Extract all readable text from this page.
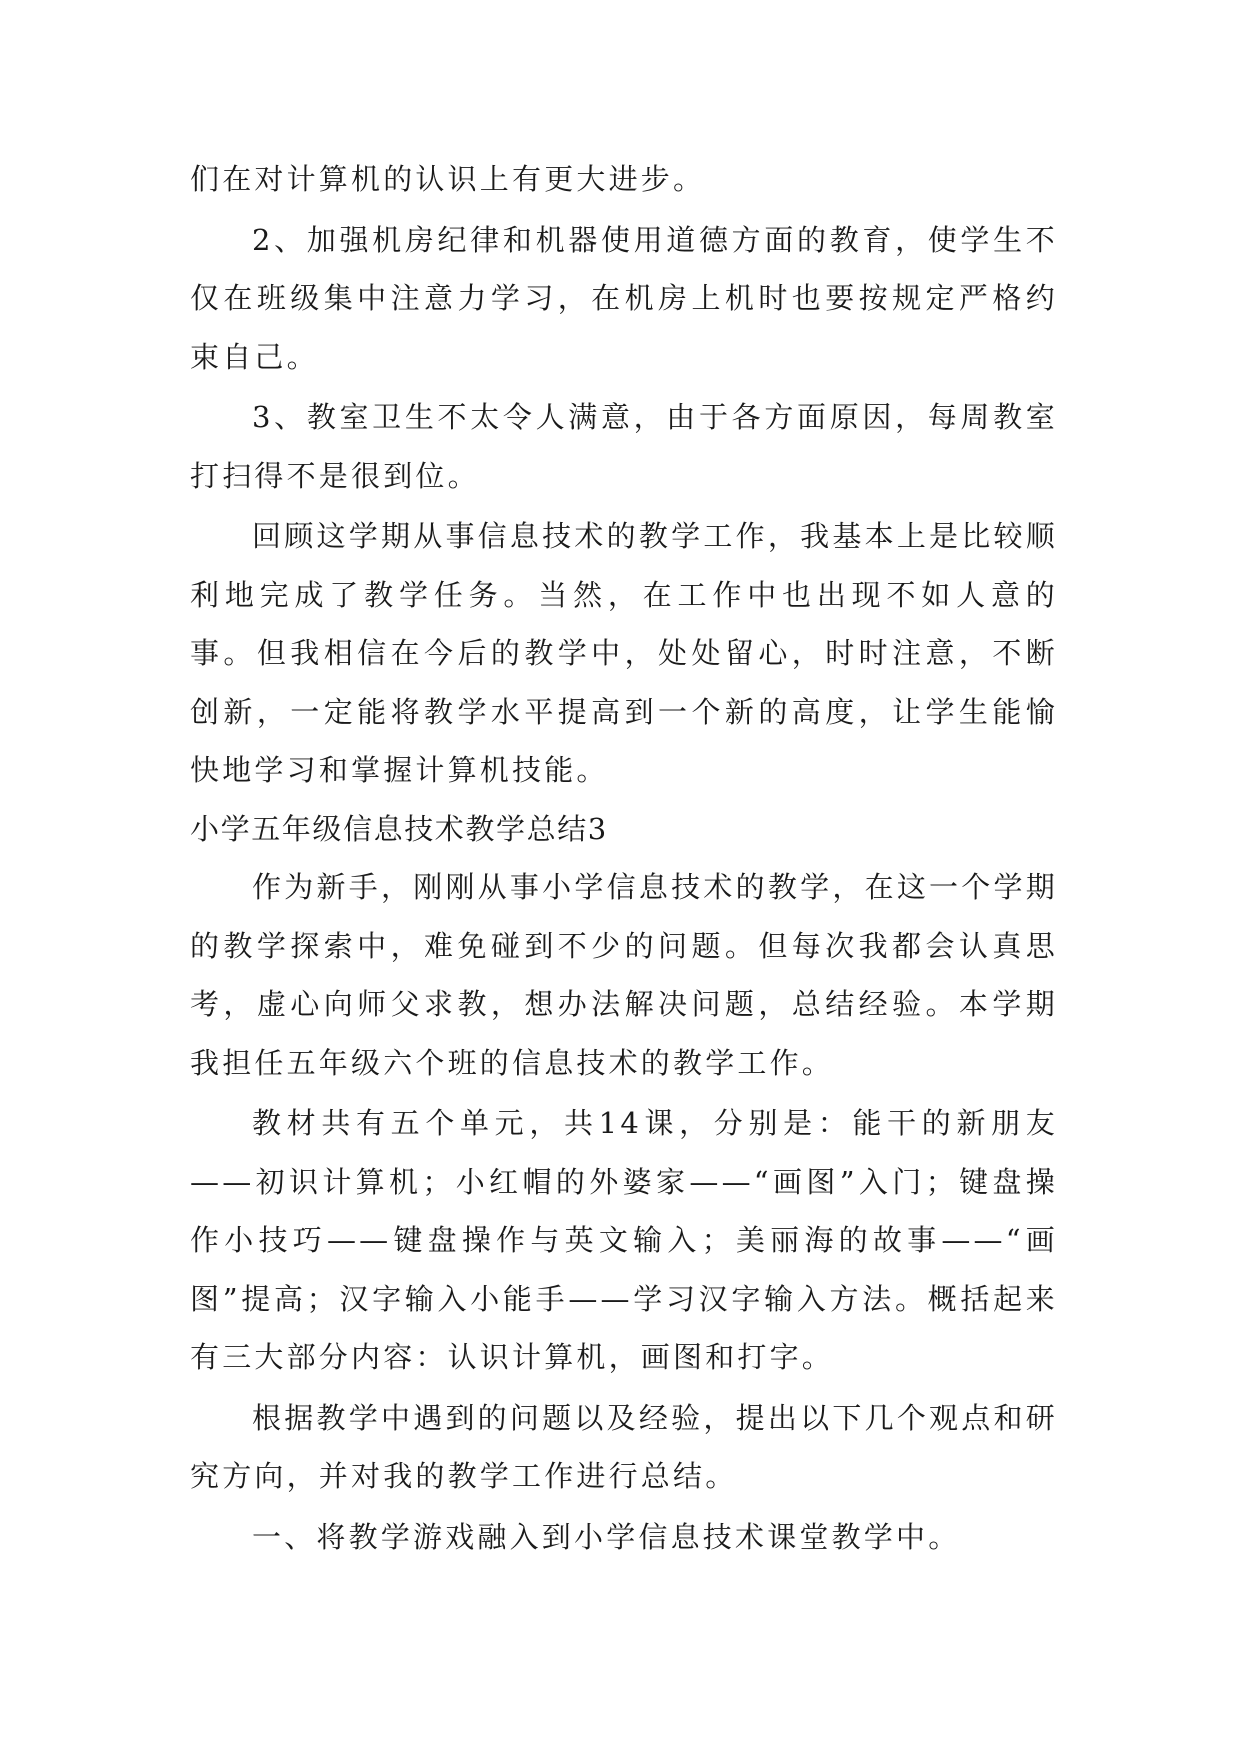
们在对计算机的认识上有更大进步。

2、加强机房纪律和机器使用道德方面的教育，使学生不仅在班级集中注意力学习，在机房上机时也要按规定严格约束自己。

3、教室卫生不太令人满意，由于各方面原因，每周教室打扫得不是很到位。

回顾这学期从事信息技术的教学工作，我基本上是比较顺利地完成了教学任务。当然，在工作中也出现不如人意的事。但我相信在今后的教学中，处处留心，时时注意，不断创新，一定能将教学水平提高到一个新的高度，让学生能愉快地学习和掌握计算机技能。

小学五年级信息技术教学总结3

作为新手，刚刚从事小学信息技术的教学，在这一个学期的教学探索中，难免碰到不少的问题。但每次我都会认真思考，虚心向师父求教，想办法解决问题，总结经验。本学期我担任五年级六个班的信息技术的教学工作。

教材共有五个单元，共14课，分别是：能干的新朋友——初识计算机；小红帽的外婆家——“画图”入门；键盘操作小技巧——键盘操作与英文输入；美丽海的故事——“画图”提高；汉字输入小能手——学习汉字输入方法。概括起来有三大部分内容：认识计算机，画图和打字。

根据教学中遇到的问题以及经验，提出以下几个观点和研究方向，并对我的教学工作进行总结。

一、将教学游戏融入到小学信息技术课堂教学中。
